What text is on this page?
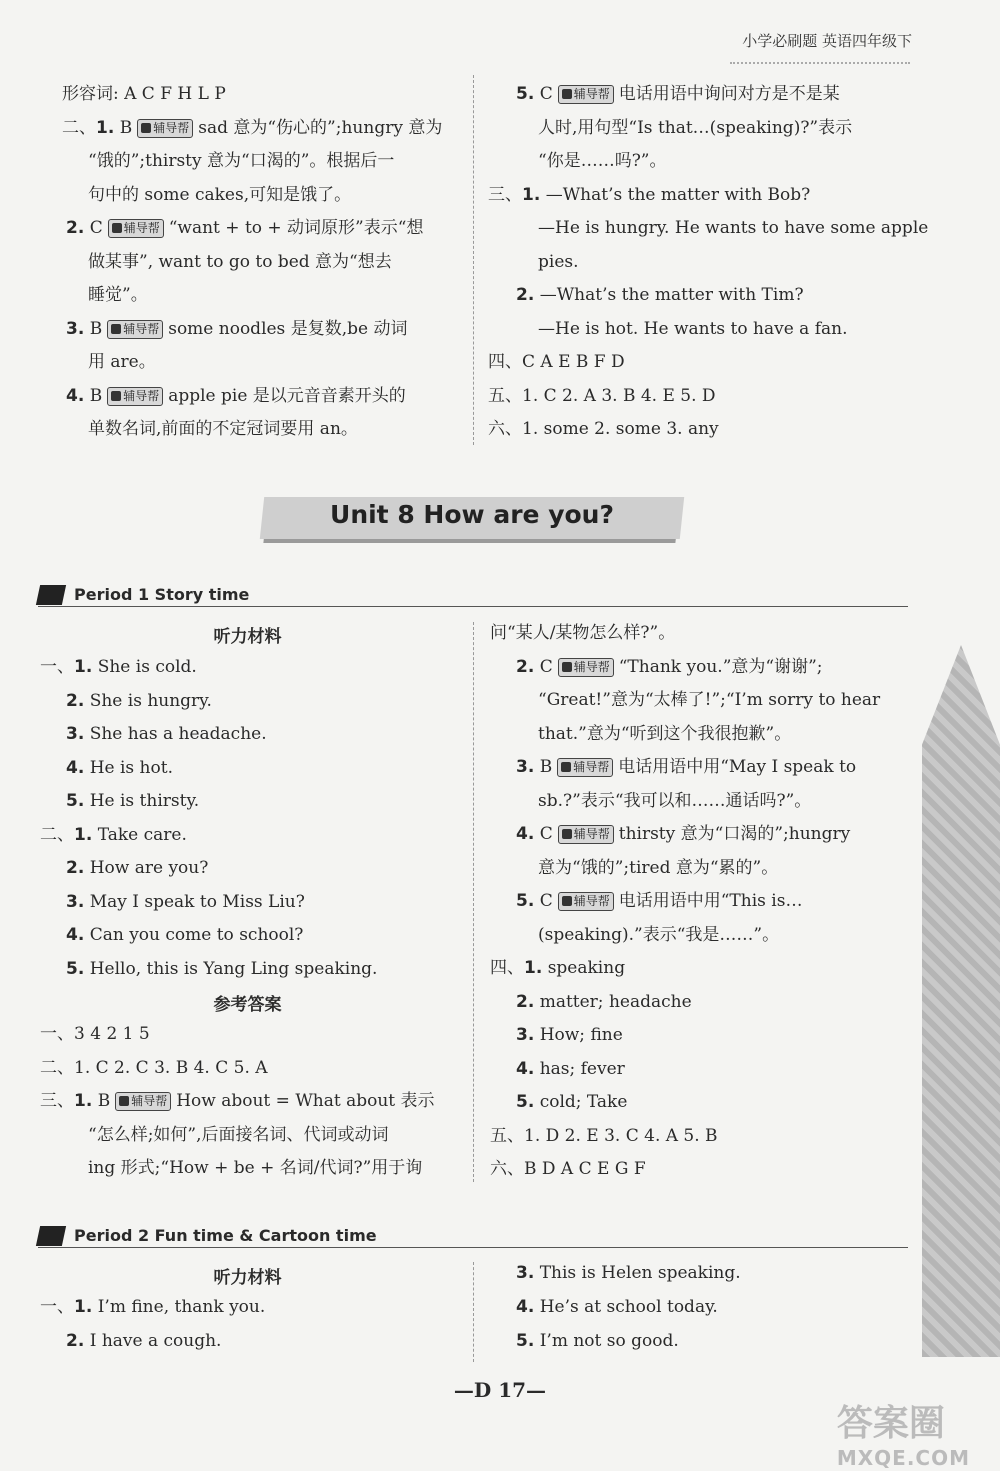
小学必刷题 英语四年级下
形容词: A C F H L P
二、1. B 辅导帮 sad 意为“伤心的”;hungry 意为
“饿的”;thirsty 意为“口渴的”。根据后一
句中的 some cakes,可知是饿了。
2. C 辅导帮 “want + to + 动词原形”表示“想
做某事”, want to go to bed 意为“想去
睡觉”。
3. B 辅导帮 some noodles 是复数,be 动词
用 are。
4. B 辅导帮 apple pie 是以元音音素开头的
单数名词,前面的不定冠词要用 an。
5. C 辅导帮 电话用语中询问对方是不是某
人时,用句型“Is that…(speaking)?”表示
“你是……吗?”。
三、1. —What’s the matter with Bob?
—He is hungry. He wants to have some apple
pies.
2. —What’s the matter with Tim?
—He is hot. He wants to have a fan.
四、C A E B F D
五、1. C 2. A 3. B 4. E 5. D
六、1. some 2. some 3. any
Unit 8 How are you?
Period 1 Story time
听力材料
参考答案
一、1. She is cold.
2. She is hungry.
3. She has a headache.
4. He is hot.
5. He is thirsty.
二、1. Take care.
2. How are you?
3. May I speak to Miss Liu?
4. Can you come to school?
5. Hello, this is Yang Ling speaking.
一、3 4 2 1 5
二、1. C 2. C 3. B 4. C 5. A
三、1. B 辅导帮 How about = What about 表示
“怎么样;如何”,后面接名词、代词或动词
ing 形式;“How + be + 名词/代词?”用于询
问“某人/某物怎么样?”。
2. C 辅导帮 “Thank you.”意为“谢谢”;
“Great!”意为“太棒了!”;“I’m sorry to hear
that.”意为“听到这个我很抱歉”。
3. B 辅导帮 电话用语中用“May I speak to
sb.?”表示“我可以和……通话吗?”。
4. C 辅导帮 thirsty 意为“口渴的”;hungry
意为“饿的”;tired 意为“累的”。
5. C 辅导帮 电话用语中用“This is…
(speaking).”表示“我是……”。
四、1. speaking
2. matter; headache
3. How; fine
4. has; fever
5. cold; Take
五、1. D 2. E 3. C 4. A 5. B
六、B D A C E G F
Period 2 Fun time & Cartoon time
听力材料
一、1. I’m fine, thank you.
2. I have a cough.
3. This is Helen speaking.
4. He’s at school today.
5. I’m not so good.
—D 17—
答案圈
MXQE.COM
